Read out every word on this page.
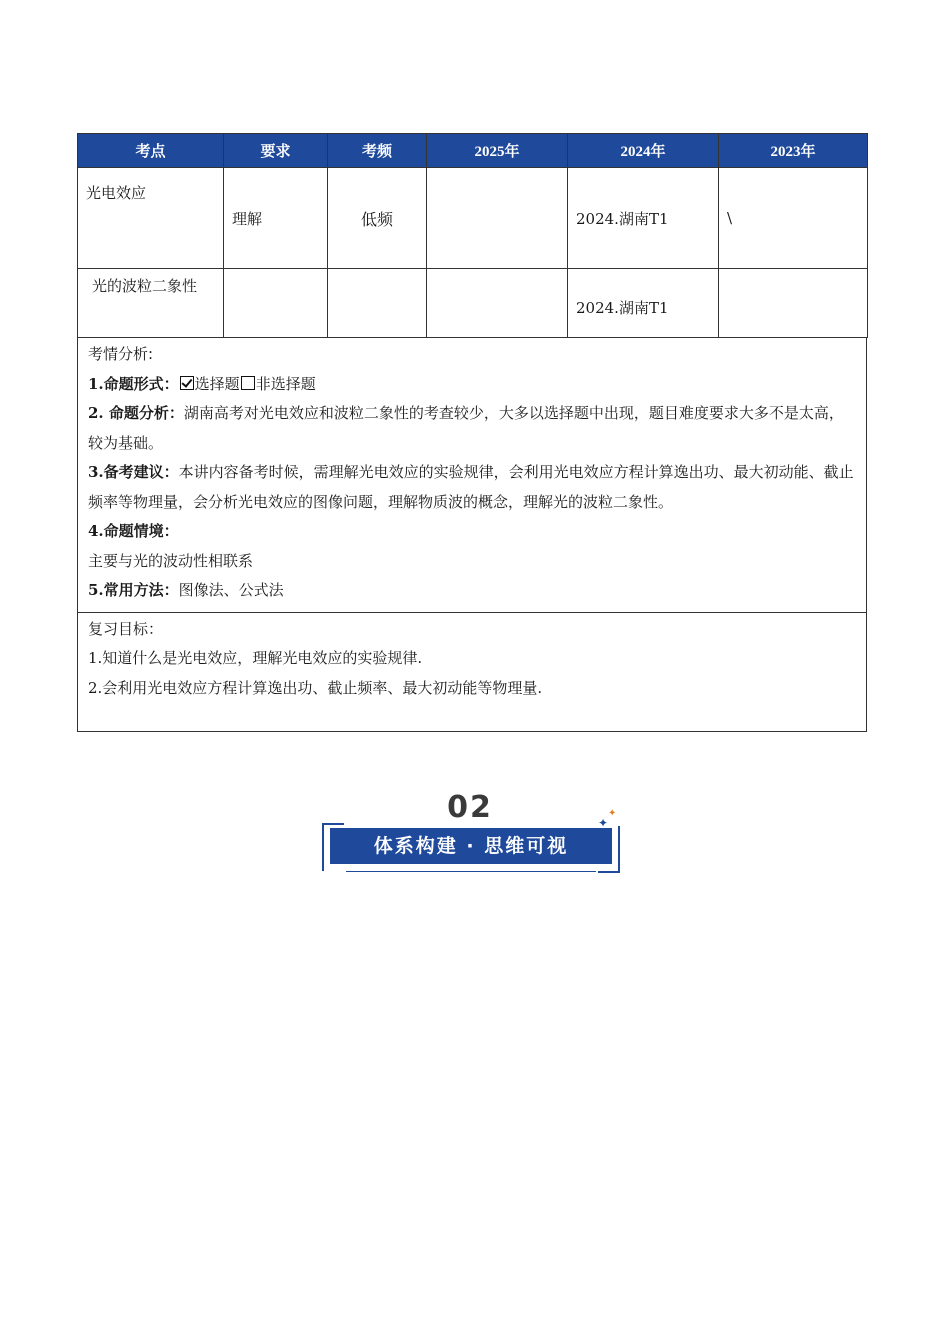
考点	要求	考频	2025年	2024年	2023年
光电效应	理解	低频		2024.湖南T1	\
光的波粒二象性				2024.湖南T1	

考情分析:

1.命题形式： 选择题 非选择题

2. 命题分析：湖南高考对光电效应和波粒二象性的考查较少，大多以选择题中出现，题目难度要求大多不是太高，较为基础。

3.备考建议：本讲内容备考时候，需理解光电效应的实验规律，会利用光电效应方程计算逸出功、最大初动能、截止频率等物理量，会分析光电效应的图像问题，理解物质波的概念，理解光的波粒二象性。

4.命题情境：

主要与光的波动性相联系

5.常用方法：图像法、公式法

复习目标：

1.知道什么是光电效应，理解光电效应的实验规律.

2.会利用光电效应方程计算逸出功、截止频率、最大初动能等物理量.

02
体系构建 · 思维可视
✦
✦
